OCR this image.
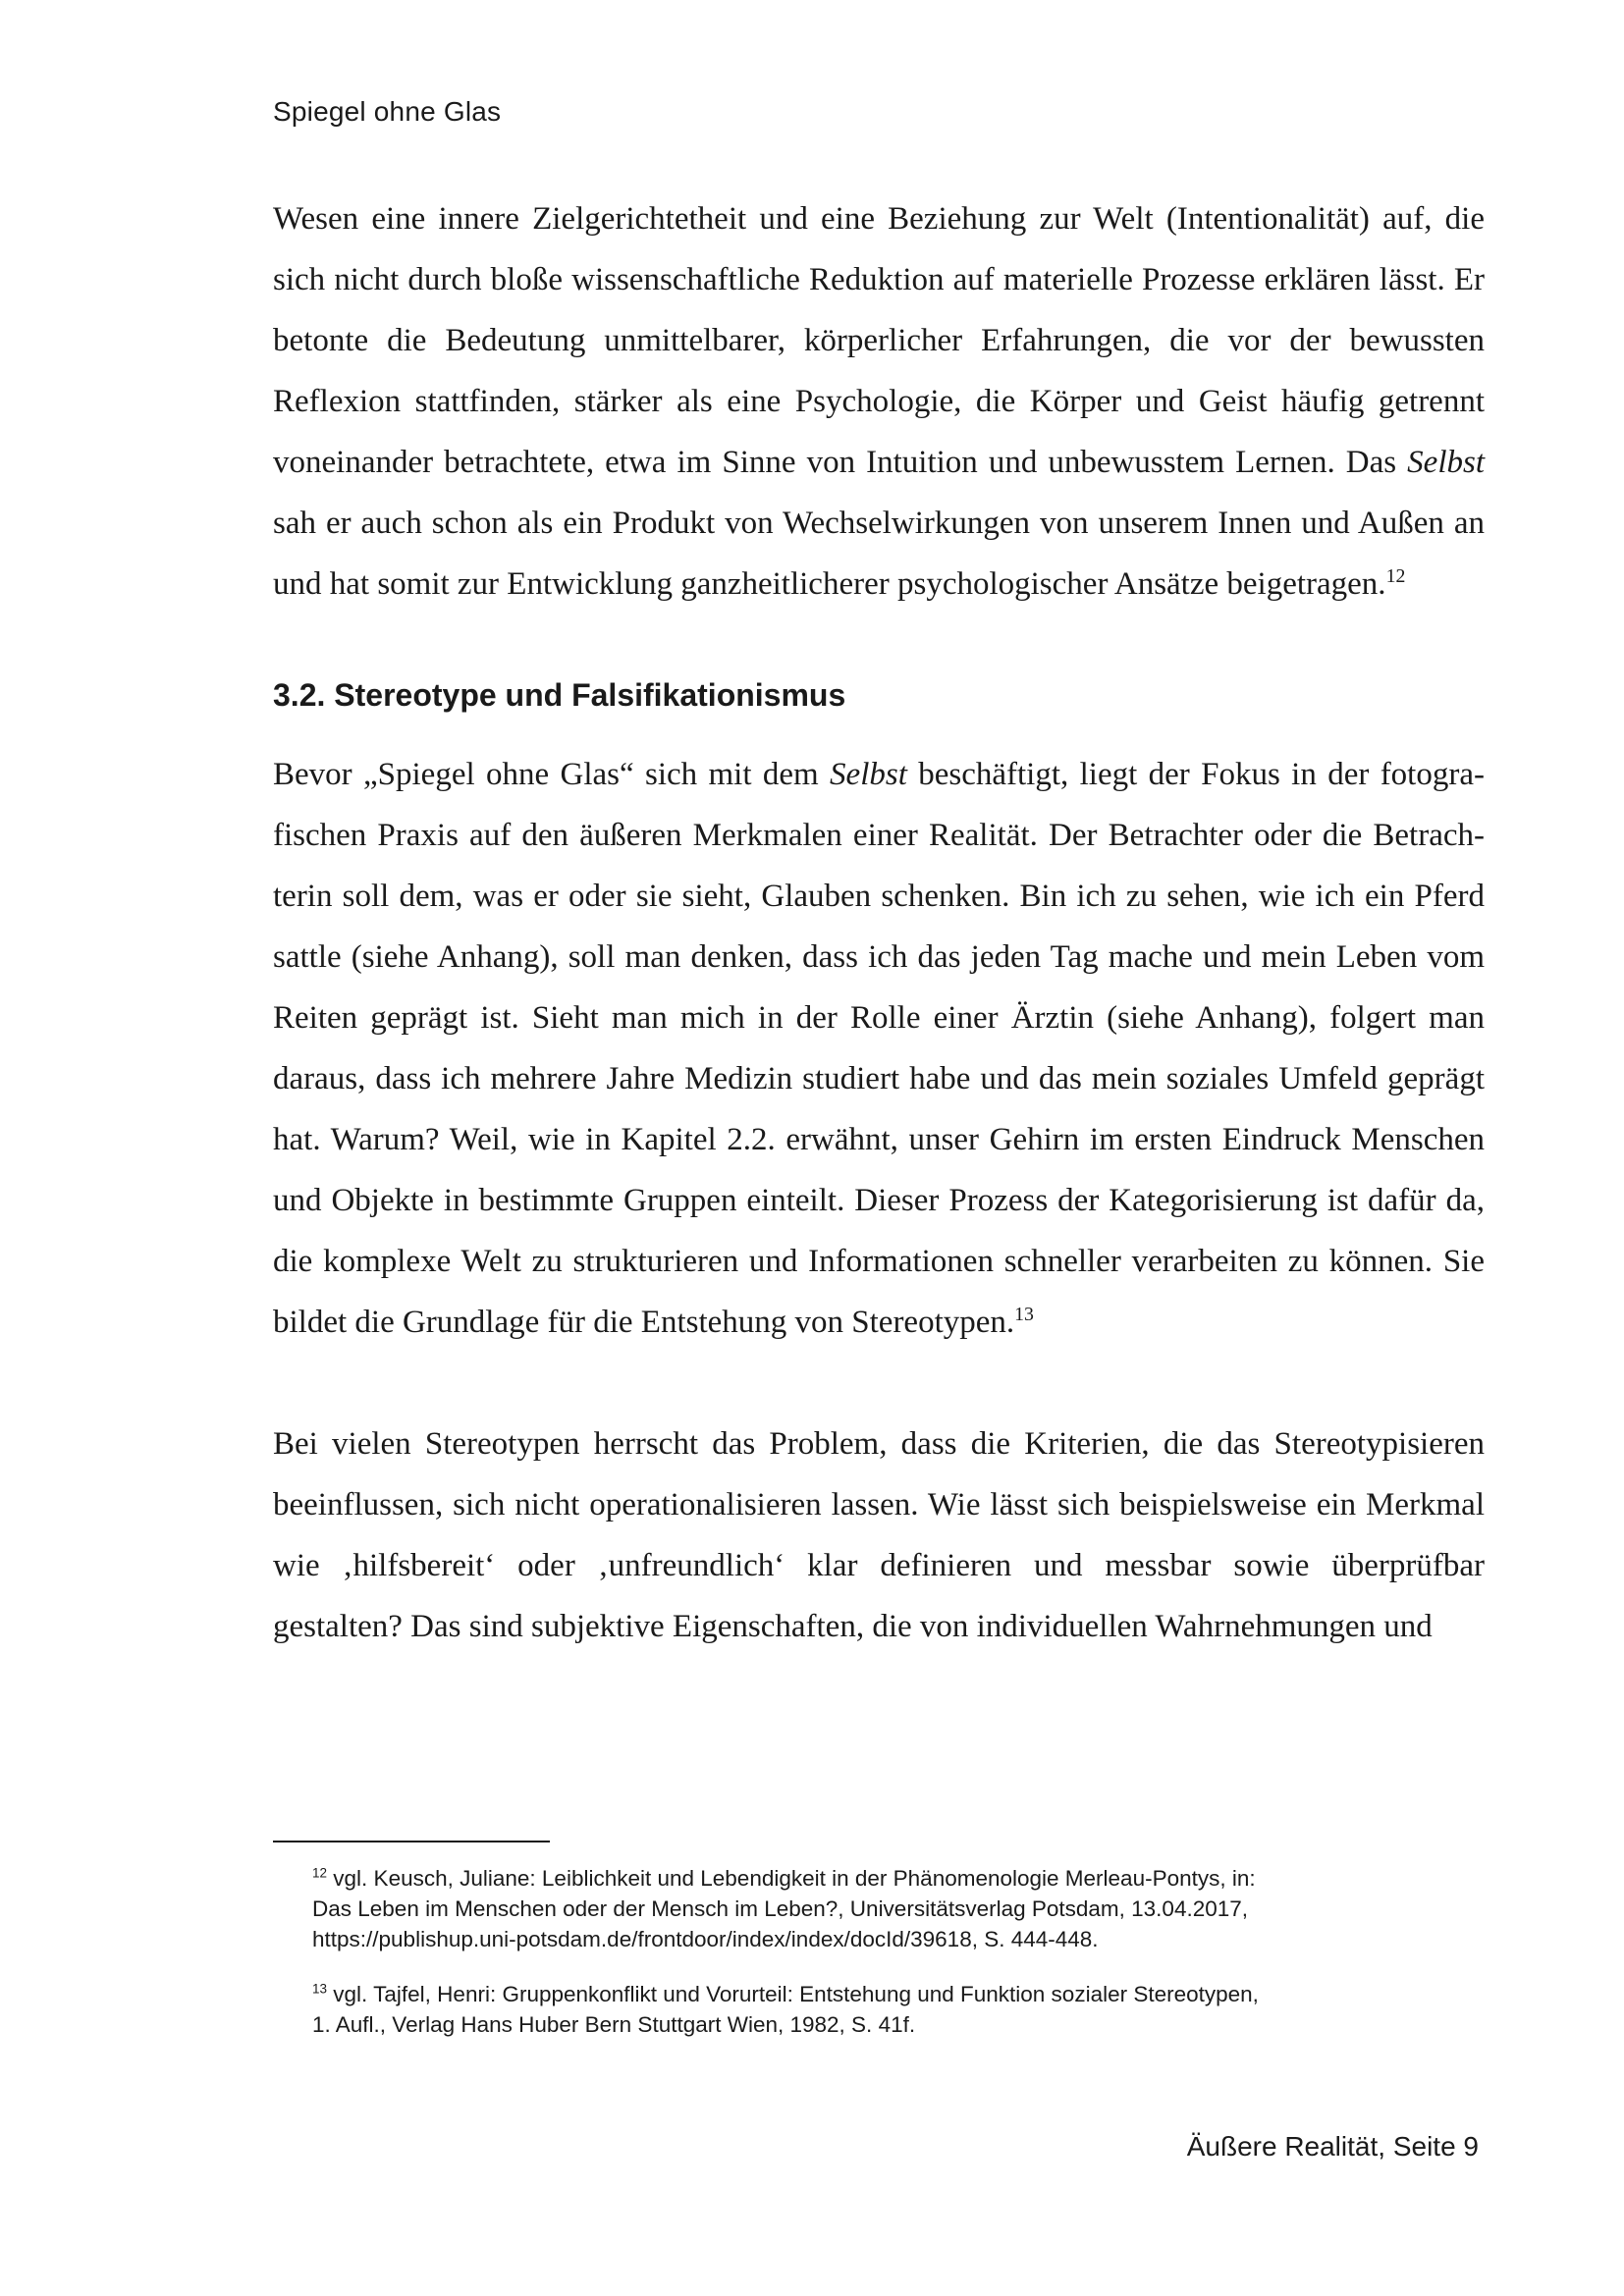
Spiegel ohne Glas

Wesen eine innere Zielgerichtetheit und eine Beziehung zur Welt (Intentionalität) auf, die sich nicht durch bloße wissenschaftliche Reduktion auf materielle Prozesse erklären lässt. Er betonte die Bedeutung unmittelbarer, körperlicher Erfahrungen, die vor der bewussten Reflexion stattfinden, stärker als eine Psychologie, die Körper und Geist häufig getrennt voneinander betrachtete, etwa im Sinne von Intuition und unbewusstem Lernen. Das Selbst sah er auch schon als ein Produkt von Wechselwirkungen von unserem Innen und Außen an und hat somit zur Entwicklung ganzheitlicherer psychologischer Ansätze beigetragen.$^{12}$

3.2. Stereotype und Falsifikationismus

Bevor „Spiegel ohne Glas“ sich mit dem Selbst beschäftigt, liegt der Fokus in der fotografischen Praxis auf den äußeren Merkmalen einer Realität. Der Betrachter oder die Betrachterin soll dem, was er oder sie sieht, Glauben schenken. Bin ich zu sehen, wie ich ein Pferd sattle (siehe Anhang), soll man denken, dass ich das jeden Tag mache und mein Leben vom Reiten geprägt ist. Sieht man mich in der Rolle einer Ärztin (siehe Anhang), folgert man daraus, dass ich mehrere Jahre Medizin studiert habe und das mein soziales Umfeld geprägt hat. Warum? Weil, wie in Kapitel 2.2. erwähnt, unser Gehirn im ersten Eindruck Menschen und Objekte in bestimmte Gruppen einteilt. Dieser Prozess der Kategorisierung ist dafür da, die komplexe Welt zu strukturieren und Informationen schneller verarbeiten zu können. Sie bildet die Grundlage für die Entstehung von Stereotypen.$^{13}$

Bei vielen Stereotypen herrscht das Problem, dass die Kriterien, die das Stereotypisieren beeinflussen, sich nicht operationalisieren lassen. Wie lässt sich beispielsweise ein Merkmal wie ‚hilfsbereit‘ oder ‚unfreundlich‘ klar definieren und messbar sowie überprüfbar gestalten? Das sind subjektive Eigenschaften, die von individuellen Wahrnehmungen und

$^{12}$ vgl. Keusch, Juliane: Leiblichkeit und Lebendigkeit in der Phänomenologie Merleau-Pontys, in:
Das Leben im Menschen oder der Mensch im Leben?, Universitätsverlag Potsdam, 13.04.2017,
https://publishup.uni-potsdam.de/frontdoor/index/index/docId/39618, S. 444-448.

$^{13}$ vgl. Tajfel, Henri: Gruppenkonflikt und Vorurteil: Entstehung und Funktion sozialer Stereotypen,
1. Aufl., Verlag Hans Huber Bern Stuttgart Wien, 1982, S. 41f.

Äußere Realität, Seite 9
